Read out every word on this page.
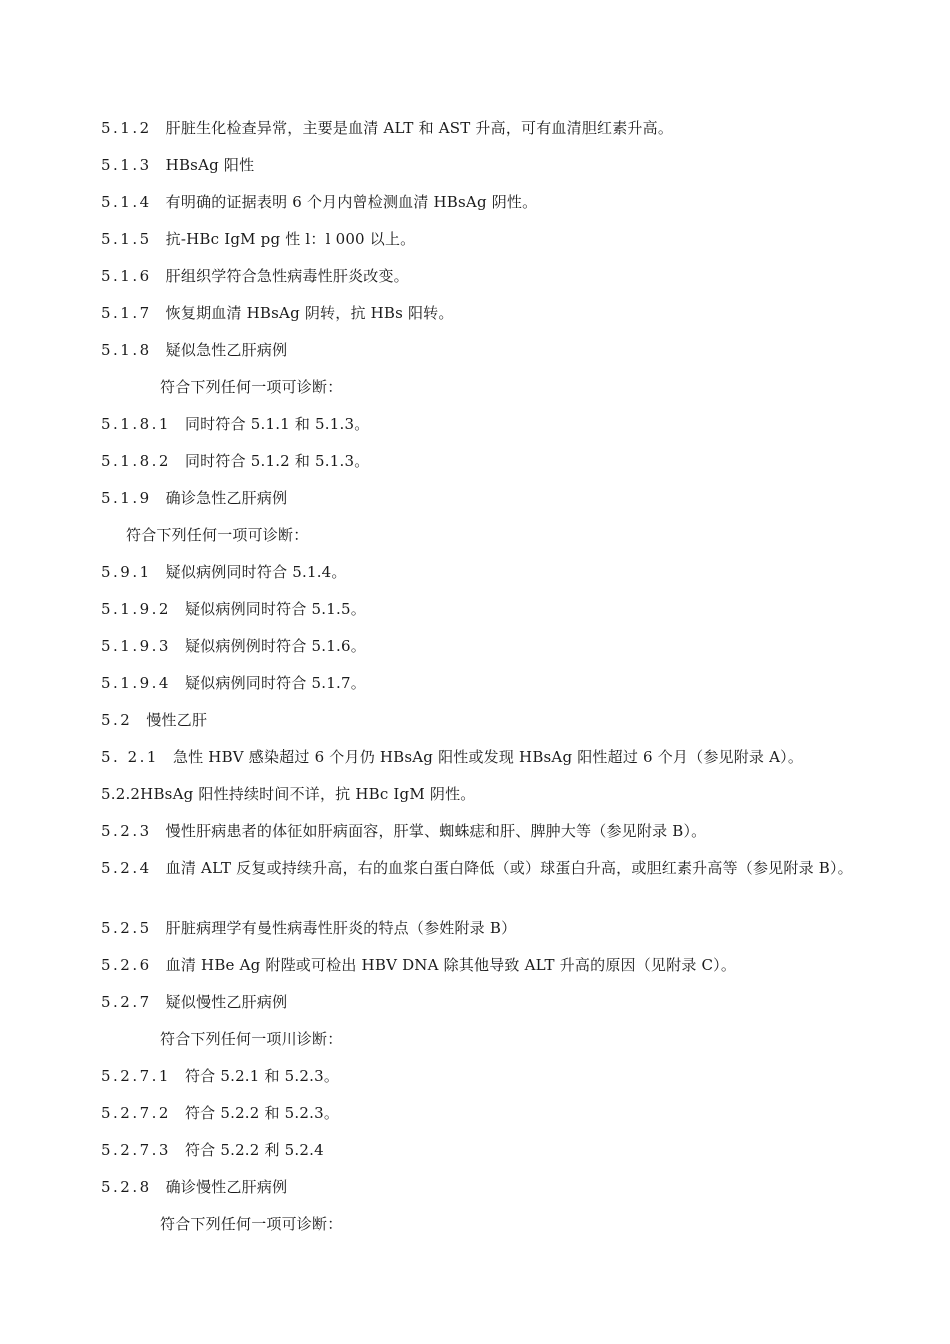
5.1.2 肝脏生化检查异常，主要是血清 ALT 和 AST 升高，可有血清胆红素升高。
5.1.3 HBsAg 阳性
5.1.4 有明确的证据表明 6 个月内曾检测血清 HBsAg 阴性。
5.1.5 抗-HBc IgM pg 性 l：l 000 以上。
5.1.6 肝组织学符合急性病毒性肝炎改变。
5.1.7 恢复期血清 HBsAg 阴转，抗 HBs 阳转。
5.1.8 疑似急性乙肝病例
符合下列任何一项可诊断：
5.1.8.1 同时符合 5.1.1 和 5.1.3。
5.1.8.2 同时符合 5.1.2 和 5.1.3。
5.1.9 确诊急性乙肝病例
符合下列任何一项可诊断：
5.9.1 疑似病例同时符合 5.1.4。
5.1.9.2 疑似病例同时符合 5.1.5。
5.1.9.3 疑似病例例时符合 5.1.6。
5.1.9.4 疑似病例同时符合 5.1.7。
5.2 慢性乙肝
5. 2.1 急性 HBV 感染超过 6 个月仍 HBsAg 阳性或发现 HBsAg 阳性超过 6 个月（参见附录 A）。
5.2.2HBsAg 阳性持续时间不详，抗 HBc IgM 阴性。
5.2.3 慢性肝病患者的体征如肝病面容，肝掌、蜘蛛痣和肝、脾肿大等（参见附录 B）。
5.2.4 血清 ALT 反复或持续升高，右的血浆白蛋白降低（或）球蛋白升高，或胆红素升高等（参见附录 B）。
5.2.5 肝脏病理学有曼性病毒性肝炎的特点（参姓附录 B）
5.2.6 血清 HBe Ag 附陛或可检出 HBV DNA 除其他导致 ALT 升高的原因（见附录 C）。
5.2.7 疑似慢性乙肝病例
符合下列任何一项川诊断：
5.2.7.1 符合 5.2.1 和 5.2.3。
5.2.7.2 符合 5.2.2 和 5.2.3。
5.2.7.3 符合 5.2.2 利 5.2.4
5.2.8 确诊慢性乙肝病例
符合下列任何一项可诊断：
